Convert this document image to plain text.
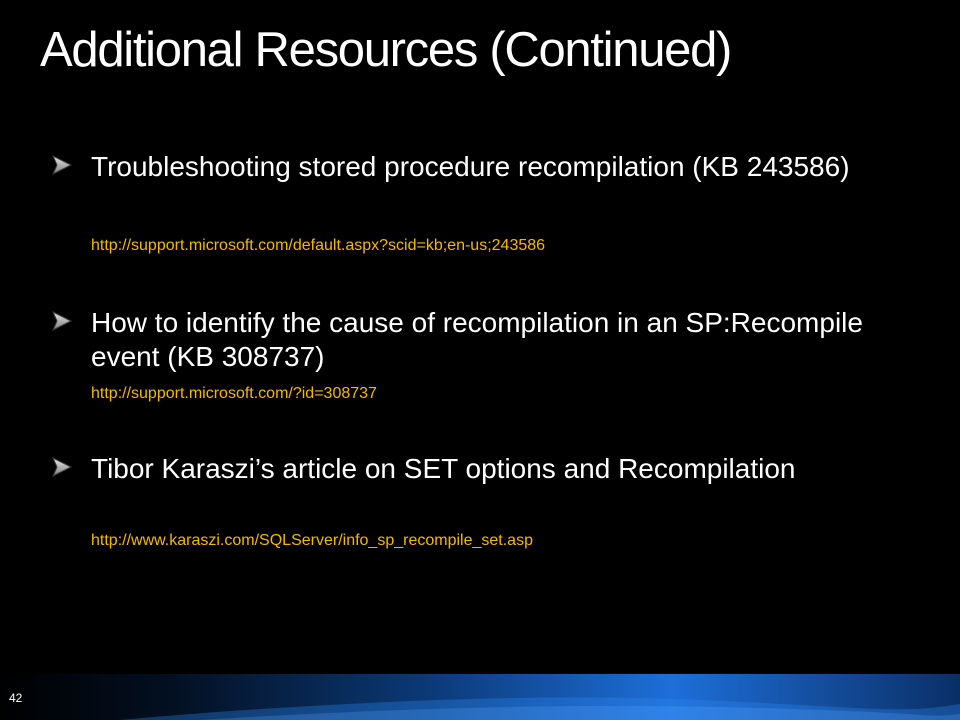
Additional Resources (Continued)
Troubleshooting stored procedure recompilation (KB 243586)
http://support.microsoft.com/default.aspx?scid=kb;en-us;243586
How to identify the cause of recompilation in an SP:Recompile event (KB 308737)
http://support.microsoft.com/?id=308737
Tibor Karaszi’s article on SET options and Recompilation
http://www.karaszi.com/SQLServer/info_sp_recompile_set.asp
42
